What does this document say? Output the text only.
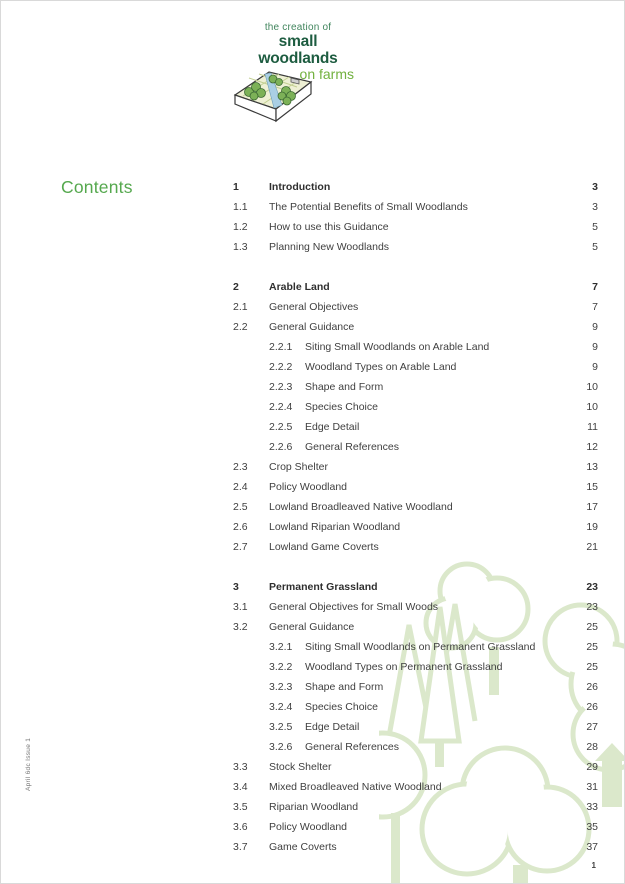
the creation of
small woodlands
on farms
Contents	1	Introduction	3
1.1 The Potential Benefits of Small Woodlands	3
1.2 How to use this Guidance	5
1.3 Planning New Woodlands	5
2	Arable Land	7
2.1 General Objectives	7
2.2 General Guidance	9
2.2.1 Siting Small Woodlands on Arable Land	9
2.2.2 Woodland Types on Arable Land	9
2.2.3 Shape and Form	10
2.2.4 Species Choice	10
2.2.5 Edge Detail	11
2.2.6 General References	12
2.3 Crop Shelter	13
2.4 Policy Woodland	15
2.5 Lowland Broadleaved Native Woodland	17
2.6 Lowland Riparian Woodland	19
2.7 Lowland Game Coverts	21
3	Permanent Grassland	23
3.1 General Objectives for Small Woods	23
3.2 General Guidance	25
3.2.1 Siting Small Woodlands on Permanent Grassland	25
3.2.2 Woodland Types on Permanent Grassland	25
3.2.3 Shape and Form	26
3.2.4 Species Choice	26
3.2.5 Edge Detail	27
3.2.6 General References	28
3.3 Stock Shelter	29
3.4 Mixed Broadleaved Native Woodland	31
3.5 Riparian Woodland	33
3.6 Policy Woodland	35
3.7 Game Coverts	37
April 6dc Issue 1
1
